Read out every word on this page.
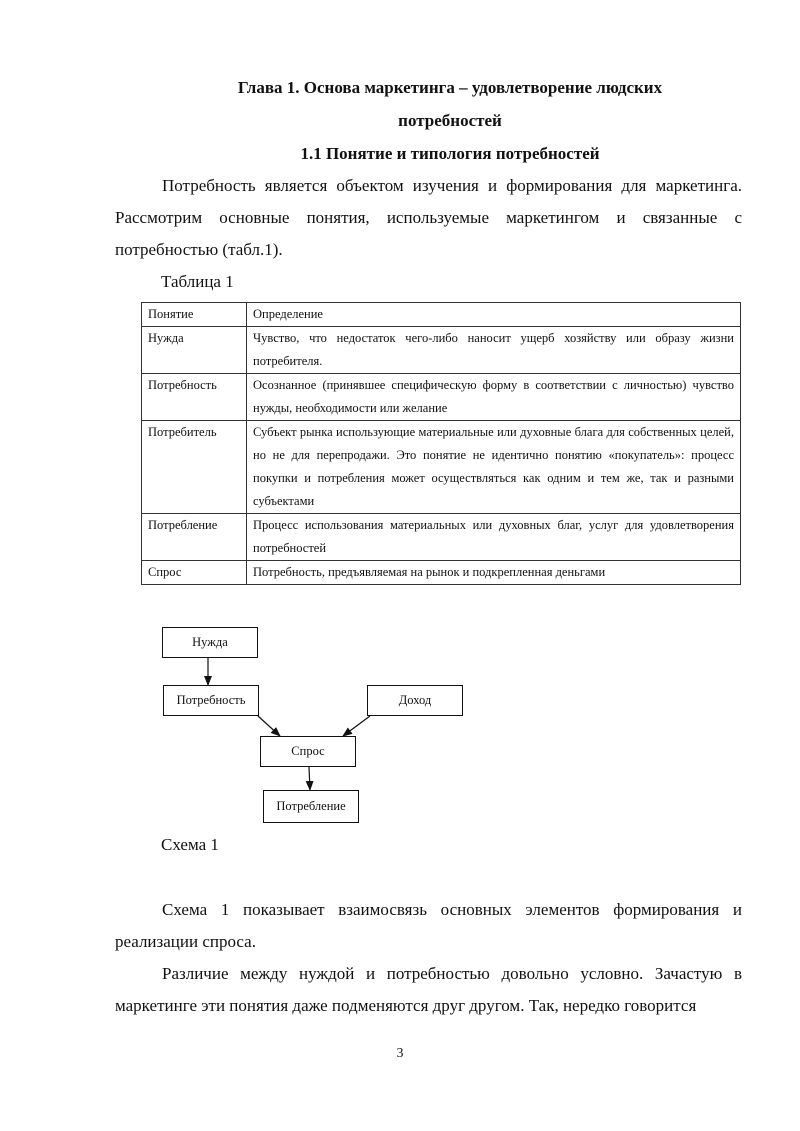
Глава 1. Основа маркетинга – удовлетворение людских
потребностей
1.1 Понятие и типология потребностей
Потребность является объектом изучения и формирования для маркетинга. Рассмотрим основные понятия, используемые маркетингом и связанные с потребностью (табл.1).
Таблица 1
Понятие	Определение
Нужда	Чувство, что недостаток чего-либо наносит ущерб хозяйству или образу жизни потребителя.
Потребность	Осознанное (принявшее специфическую форму в соответствии с личностью) чувство нужды, необходимости или желание
Потребитель	Субъект рынка использующие материальные или духовные блага для собственных целей, но не для перепродажи. Это понятие не идентично понятию «покупатель»: процесс покупки и потребления может осуществляться как одним и тем же, так и разными субъектами
Потребление	Процесс использования материальных или духовных благ, услуг для удовлетворения потребностей
Спрос	Потребность, предъявляемая на рынок и подкрепленная деньгами
Нужда
Потребность	Доход
Спрос
Потребление
Схема 1
Схема 1 показывает взаимосвязь основных элементов формирования и реализации спроса.
Различие между нуждой и потребностью довольно условно. Зачастую в маркетинге эти понятия даже подменяются друг другом. Так, нередко говорится
3
